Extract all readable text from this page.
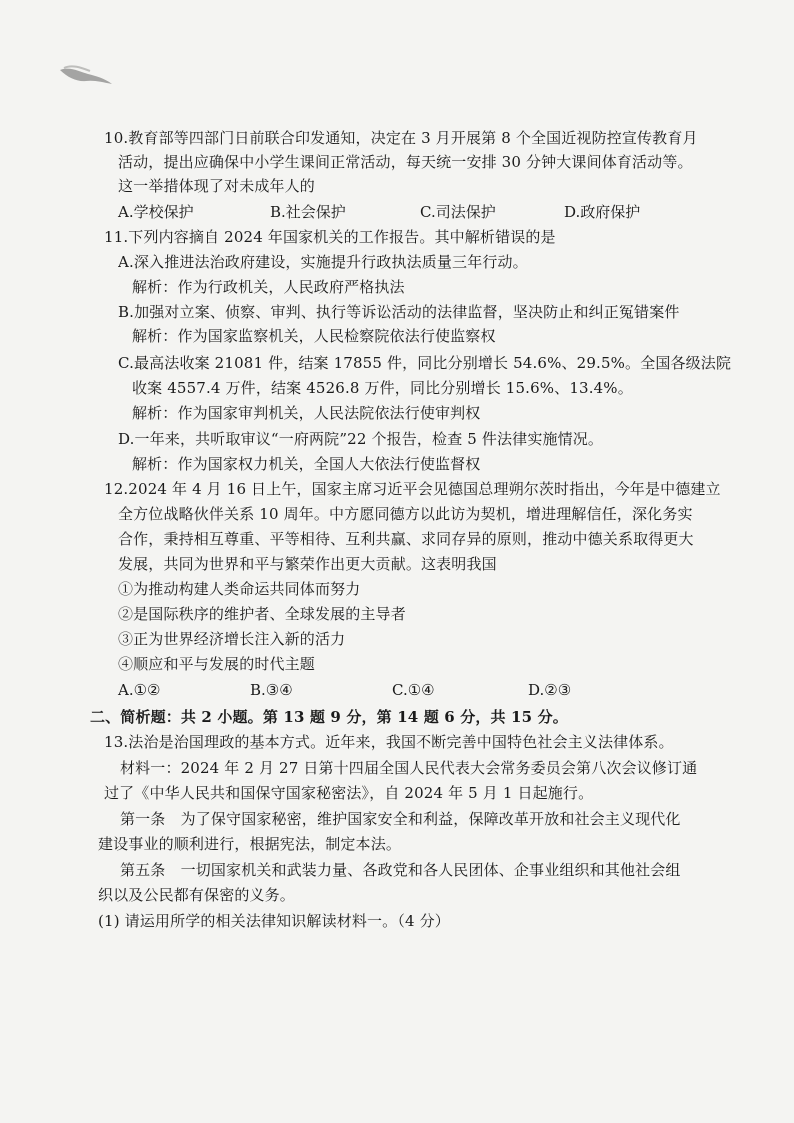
10.教育部等四部门日前联合印发通知，决定在 3 月开展第 8 个全国近视防控宣传教育月
活动，提出应确保中小学生课间正常活动，每天统一安排 30 分钟大课间体育活动等。
这一举措体现了对未成年人的
A.学校保护	B.社会保护	C.司法保护	D.政府保护
11.下列内容摘自 2024 年国家机关的工作报告。其中解析错误的是
A.深入推进法治政府建设，实施提升行政执法质量三年行动。
解析：作为行政机关，人民政府严格执法
B.加强对立案、侦察、审判、执行等诉讼活动的法律监督，坚决防止和纠正冤错案件
解析：作为国家监察机关，人民检察院依法行使监察权
C.最高法收案 21081 件，结案 17855 件，同比分别增长 54.6%、29.5%。全国各级法院
收案 4557.4 万件，结案 4526.8 万件，同比分别增长 15.6%、13.4%。
解析：作为国家审判机关，人民法院依法行使审判权
D.一年来，共听取审议“一府两院”22 个报告，检查 5 件法律实施情况。
解析：作为国家权力机关，全国人大依法行使监督权
12.2024 年 4 月 16 日上午，国家主席习近平会见德国总理朔尔茨时指出，今年是中德建立
全方位战略伙伴关系 10 周年。中方愿同德方以此访为契机，增进理解信任，深化务实
合作，秉持相互尊重、平等相待、互利共赢、求同存异的原则，推动中德关系取得更大
发展，共同为世界和平与繁荣作出更大贡献。这表明我国
①为推动构建人类命运共同体而努力
②是国际秩序的维护者、全球发展的主导者
③正为世界经济增长注入新的活力
④顺应和平与发展的时代主题
A.①②	B.③④	C.①④	D.②③
二、简析题：共 2 小题。第 13 题 9 分，第 14 题 6 分，共 15 分。
13.法治是治国理政的基本方式。近年来，我国不断完善中国特色社会主义法律体系。
材料一：2024 年 2 月 27 日第十四届全国人民代表大会常务委员会第八次会议修订通
过了《中华人民共和国保守国家秘密法》，自 2024 年 5 月 1 日起施行。
第一条　为了保守国家秘密，维护国家安全和利益，保障改革开放和社会主义现代化
建设事业的顺利进行，根据宪法，制定本法。
第五条　一切国家机关和武装力量、各政党和各人民团体、企事业组织和其他社会组
织以及公民都有保密的义务。
(1) 请运用所学的相关法律知识解读材料一。（4 分）
